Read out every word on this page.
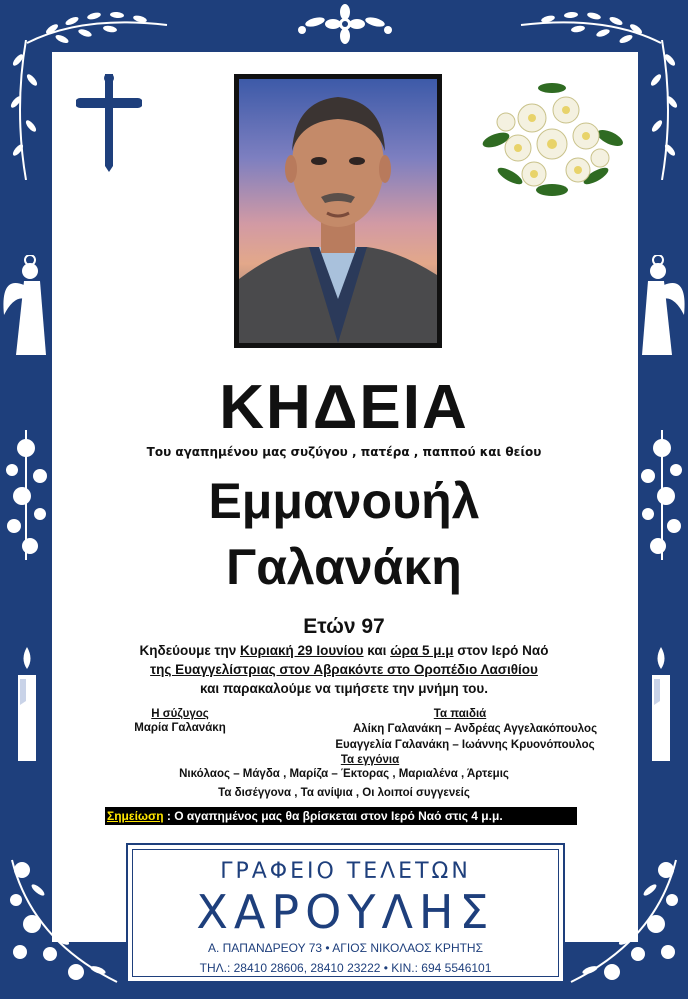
ΚΗΔΕΙΑ
Του αγαπημένου μας συζύγου , πατέρα , παππού και θείου
Εμμανουήλ
Γαλανάκη
Ετών 97
Κηδεύουμε την Κυριακή 29 Ιουνίου και ώρα 5 μ.μ στον Ιερό Ναό
της Ευαγγελίστριας στον Αβρακόντε στο Οροπέδιο Λασιθίου
και παρακαλούμε να τιμήσετε την μνήμη του.
Η σύζυγος
Μαρία Γαλανάκη
Τα παιδιά
Αλίκη Γαλανάκη – Ανδρέας Αγγελακόπουλος
Ευαγγελία Γαλανάκη – Ιωάννης Κρυονόπουλος
Τα εγγόνια
Νικόλαος – Μάγδα , Μαρίζα – Έκτορας , Μαριαλένα , Άρτεμις
Τα δισέγγονα , Τα ανίψια , Οι λοιποί συγγενείς
Σημείωση : Ο αγαπημένος μας θα βρίσκεται στον Ιερό Ναό στις 4 μ.μ.
ΓΡΑΦΕΙΟ ΤΕΛΕΤΩΝ
ΧΑΡΟΥΛΗΣ
Α. ΠΑΠΑΝΔΡΕΟΥ 73 • ΑΓΙΟΣ ΝΙΚΟΛΑΟΣ ΚΡΗΤΗΣ
ΤΗΛ.: 28410 28606, 28410 23222 • ΚΙΝ.: 694 5546101
